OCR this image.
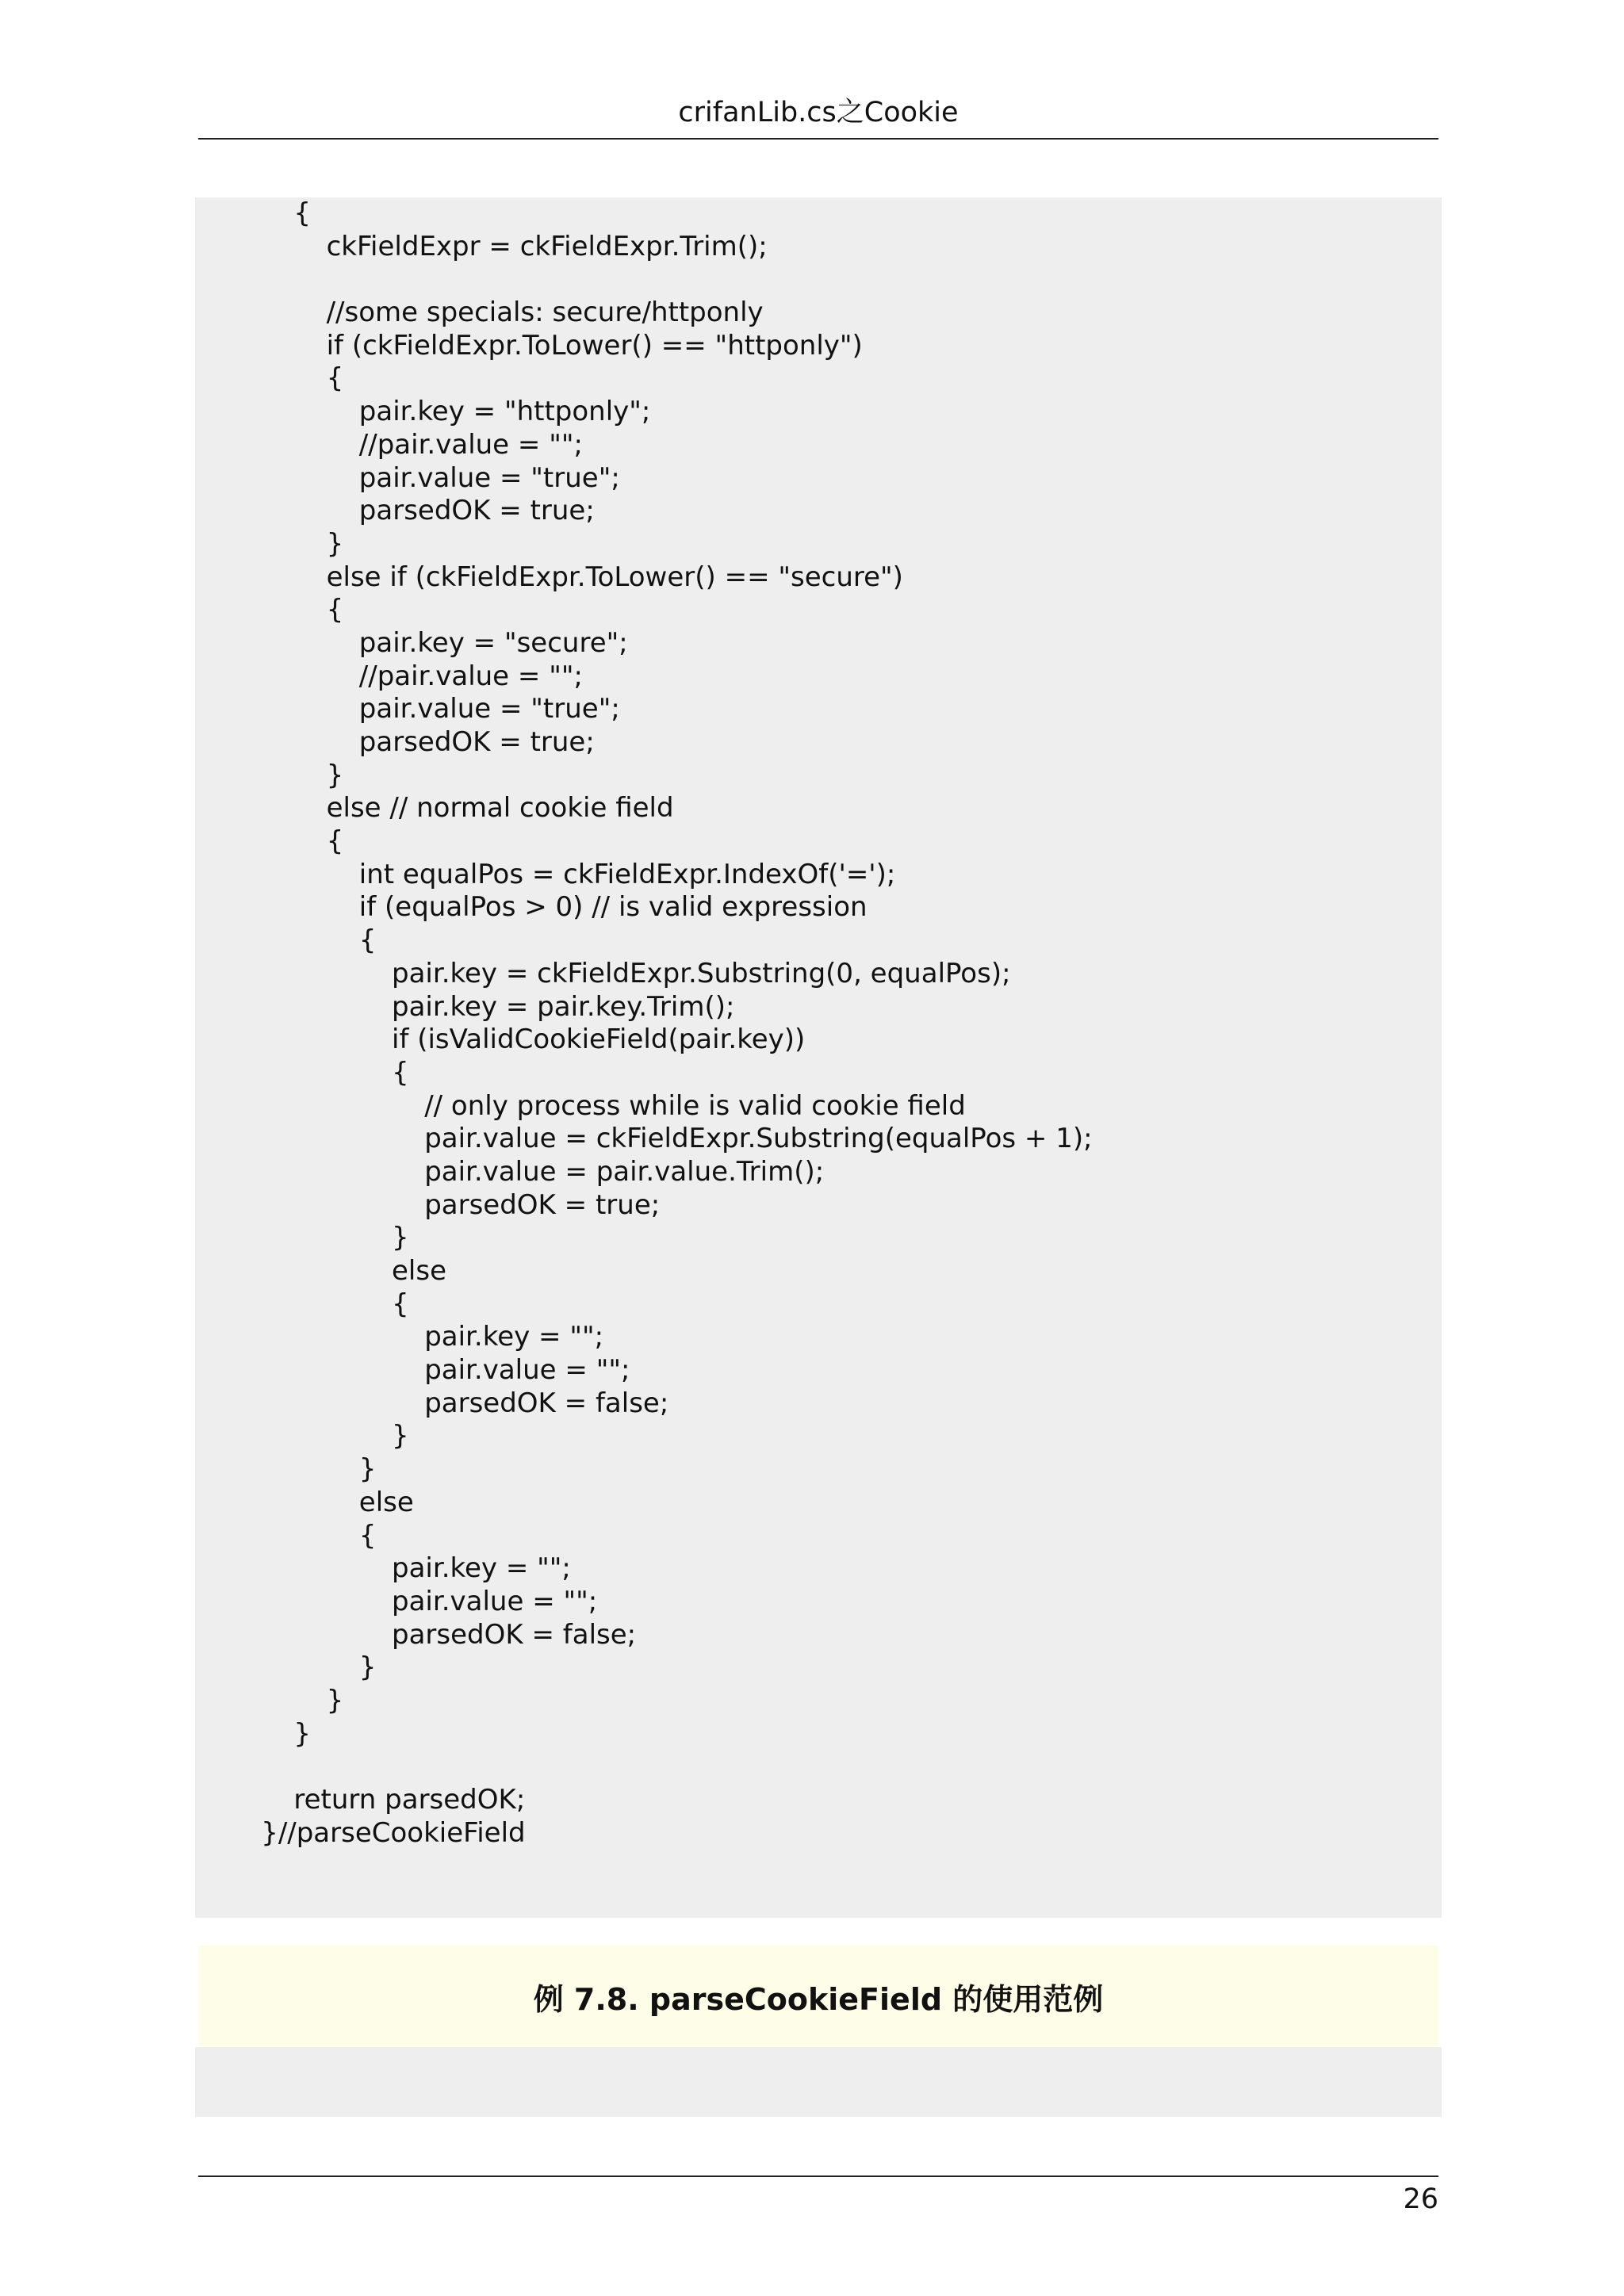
crifanLib.cs之Cookie
{
ckFieldExpr = ckFieldExpr.Trim();
//some specials: secure/httponly
if (ckFieldExpr.ToLower() == "httponly")
{
pair.key = "httponly";
//pair.value = "";
pair.value = "true";
parsedOK = true;
}
else if (ckFieldExpr.ToLower() == "secure")
{
pair.key = "secure";
//pair.value = "";
pair.value = "true";
parsedOK = true;
}
else // normal cookie field
{
int equalPos = ckFieldExpr.IndexOf('=');
if (equalPos > 0) // is valid expression
{
pair.key = ckFieldExpr.Substring(0, equalPos);
pair.key = pair.key.Trim();
if (isValidCookieField(pair.key))
{
// only process while is valid cookie field
pair.value = ckFieldExpr.Substring(equalPos + 1);
pair.value = pair.value.Trim();
parsedOK = true;
}
else
{
pair.key = "";
pair.value = "";
parsedOK = false;
}
}
else
{
pair.key = "";
pair.value = "";
parsedOK = false;
}
}
}
return parsedOK;
}//parseCookieField
例 7.8. parseCookieField 的使用范例
26
